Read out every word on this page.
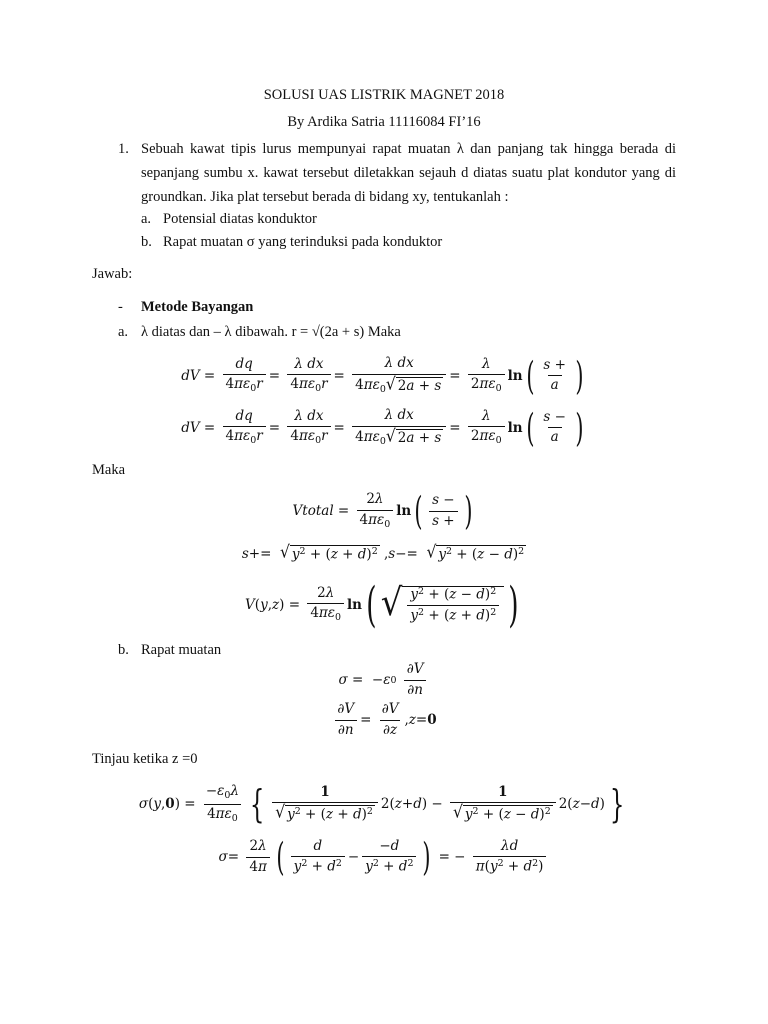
SOLUSI UAS LISTRIK MAGNET 2018
By Ardika Satria 11116084 FI’16
1. Sebuah kawat tipis lurus mempunyai rapat muatan λ dan panjang tak hingga berada di
sepanjang sumbu x. kawat tersebut diletakkan sejauh d diatas suatu plat kondutor yang di
groundkan. Jika plat tersebut berada di bidang xy, tentukanlah :
a. Potensial diatas konduktor
b. Rapat muatan σ yang terinduksi pada konduktor
Jawab:
- Metode Bayangan
a. λ diatas dan – λ dibawah. r = √(2a + s) Maka
dV = $\frac{dq}{4\pi\varepsilon_0r} = \frac{\text{λ dx}}{4\pi\varepsilon_0r} = \frac{\text{λ dx}}{4\pi\varepsilon_0 √ 2a + s} = \frac{\lambda}{2\pi\varepsilon_0}$ ln ( $\frac{s +}{a}$ )
dV = $\frac{dq}{4\pi\varepsilon_0r} = \frac{\text{λ dx}}{4\pi\varepsilon_0r} = \frac{\text{λ dx}}{4\pi\varepsilon_0 √ 2a + s} = \frac{\lambda}{2\pi\varepsilon_0}$ ln ( $\frac{s -}{a}$ )
Maka
Vtotal = $\frac{2\lambda}{4\pi\varepsilon_0}$ ln ( $\frac{s -}{s +}$ )
s += √ $y^2 + (z + d)^2$ , s −= √ $y^2 + (z - d)^2$
V ( y , z ) = $\frac{2\lambda}{4\pi\varepsilon_0}$ ln ( √ $\frac{y^2 + (z - d)^2}{y^2 + (z + d)^2}$ )
b. Rapat muatan
σ =  − ε 0
$\frac{\partial V}{\partial n}$
$\frac{\partial V}{\partial n} = \frac{\partial V}{\partial z}$ , z = 0
Tinjau ketika z =0
σ ( y , 0 ) = $\frac{-\varepsilon_0\lambda}{4\pi\varepsilon_0}$ { $\frac{1}{√ y^2 + (z + d)^2} 2$( z + d ) − $\frac{1}{√ y^2 + (z - d)^2} 2$( z − d ) }
$\sigma = \frac{2\lambda}{4\pi}$ ( $\frac{d}{y^2 + d^2} - \frac{-d}{y^2 + d^2}$ ) = − $\frac{\lambda d}{\pi(y^2 + d^2)}$
